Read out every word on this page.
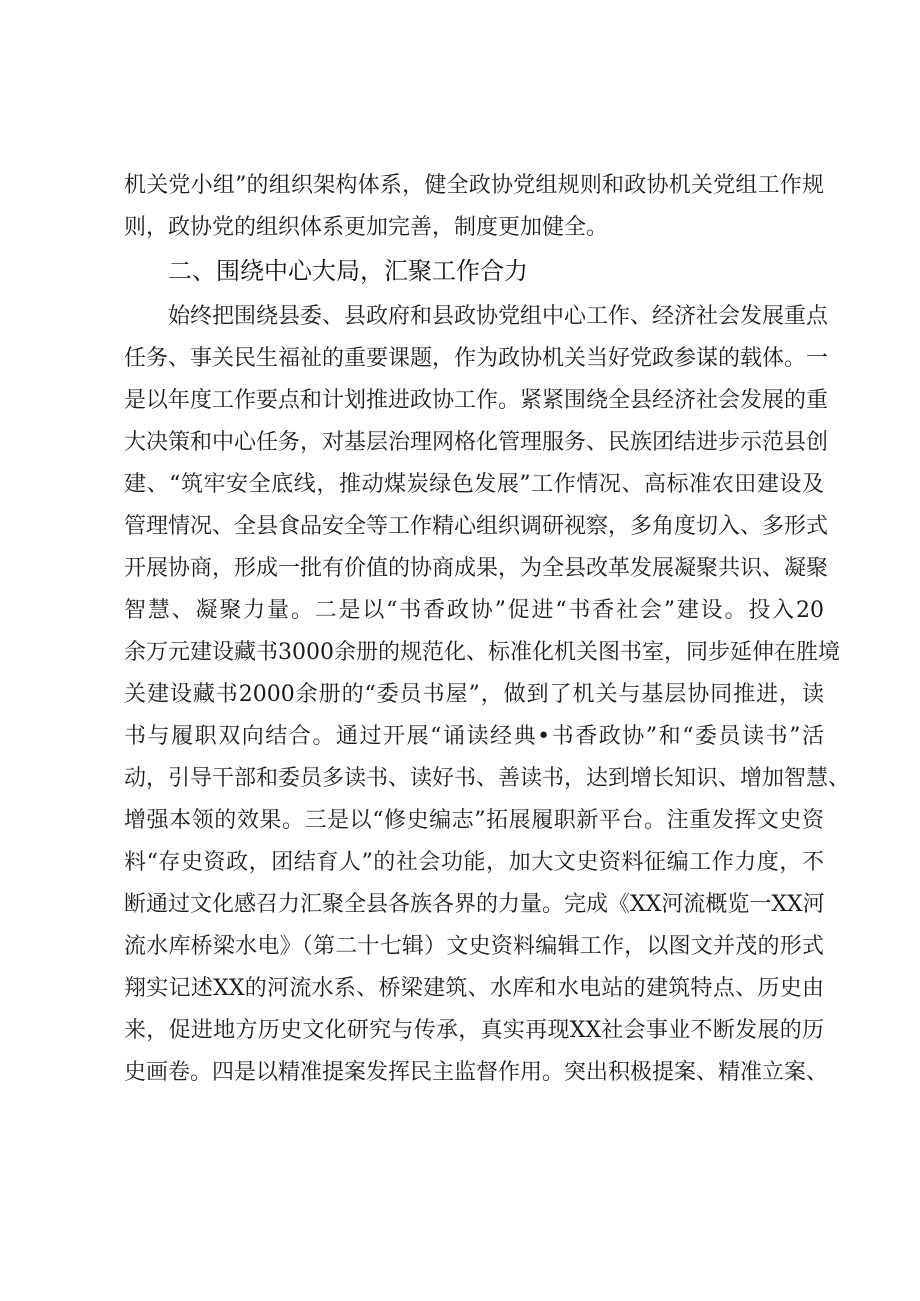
机关党小组”的组织架构体系，健全政协党组规则和政协机关党组工作规
则，政协党的组织体系更加完善，制度更加健全。
二、围绕中心大局，汇聚工作合力
始终把围绕县委、县政府和县政协党组中心工作、经济社会发展重点
任务、事关民生福祉的重要课题，作为政协机关当好党政参谋的载体。一
是以年度工作要点和计划推进政协工作。紧紧围绕全县经济社会发展的重
大决策和中心任务，对基层治理网格化管理服务、民族团结进步示范县创
建、“筑牢安全底线，推动煤炭绿色发展”工作情况、高标准农田建设及
管理情况、全县食品安全等工作精心组织调研视察，多角度切入、多形式
开展协商，形成一批有价值的协商成果，为全县改革发展凝聚共识、凝聚
智慧、凝聚力量。二是以“书香政协”促进“书香社会”建设。投入20
余万元建设藏书3000余册的规范化、标准化机关图书室，同步延伸在胜境
关建设藏书2000余册的“委员书屋”，做到了机关与基层协同推进，读
书与履职双向结合。通过开展“诵读经典•书香政协”和“委员读书”活
动，引导干部和委员多读书、读好书、善读书，达到增长知识、增加智慧、
增强本领的效果。三是以“修史编志”拓展履职新平台。注重发挥文史资
料“存史资政，团结育人”的社会功能，加大文史资料征编工作力度，不
断通过文化感召力汇聚全县各族各界的力量。完成《XX河流概览一XX河
流水库桥梁水电》（第二十七辑）文史资料编辑工作，以图文并茂的形式
翔实记述XX的河流水系、桥梁建筑、水库和水电站的建筑特点、历史由
来，促进地方历史文化研究与传承，真实再现XX社会事业不断发展的历
史画卷。四是以精准提案发挥民主监督作用。突出积极提案、精准立案、
